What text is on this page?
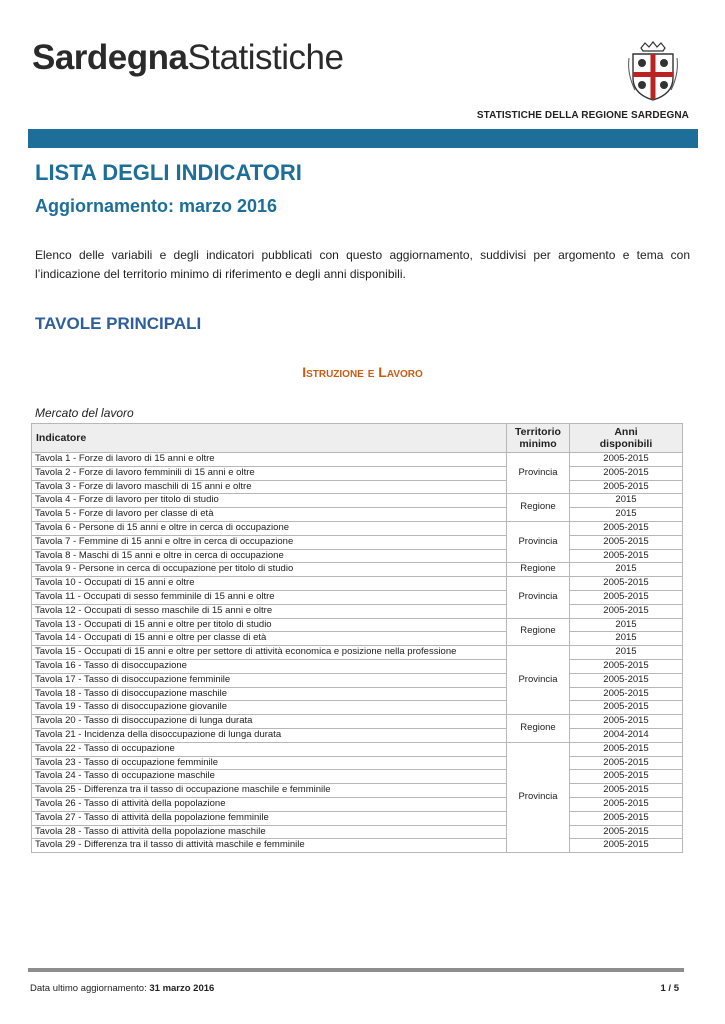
SardegnaStatistiche
STATISTICHE DELLA REGIONE SARDEGNA
LISTA DEGLI INDICATORI
Aggiornamento: marzo 2016

Elenco delle variabili e degli indicatori pubblicati con questo aggiornamento, suddivisi per argomento e tema con l’indicazione del territorio minimo di riferimento e degli anni disponibili.

TAVOLE PRINCIPALI
Istruzione e Lavoro
Mercato del lavoro
Indicatore	Territorio minimo	Anni disponibili
Tavola 1 - Forze di lavoro di 15 anni e oltre	Provincia	2005-2015
Tavola 2 - Forze di lavoro femminili di 15 anni e oltre		2005-2015
Tavola 3 - Forze di lavoro maschili di 15 anni e oltre		2005-2015
Tavola 4 - Forze di lavoro per titolo di studio	Regione	2015
Tavola 5 - Forze di lavoro per classe di età		2015
Tavola 6 - Persone di 15 anni e oltre in cerca di occupazione	Provincia	2005-2015
Tavola 7 - Femmine di 15 anni e oltre in cerca di occupazione		2005-2015
Tavola 8 - Maschi di 15 anni e oltre in cerca di occupazione		2005-2015
Tavola 9 - Persone in cerca di occupazione per titolo di studio	Regione	2015
Tavola 10 - Occupati di 15 anni e oltre	Provincia	2005-2015
Tavola 11 - Occupati di sesso femminile di 15 anni e oltre		2005-2015
Tavola 12 - Occupati di sesso maschile di 15 anni e oltre		2005-2015
Tavola 13 - Occupati di 15 anni e oltre per titolo di studio	Regione	2015
Tavola 14 - Occupati di 15 anni e oltre per classe di età		2015
Tavola 15 - Occupati di 15 anni e oltre per settore di attività economica e posizione nella professione	Provincia	2015
Tavola 16 - Tasso di disoccupazione		2005-2015
Tavola 17 - Tasso di disoccupazione femminile		2005-2015
Tavola 18 - Tasso di disoccupazione maschile		2005-2015
Tavola 19 - Tasso di disoccupazione giovanile		2005-2015
Tavola 20 - Tasso di disoccupazione di lunga durata	Regione	2005-2015
Tavola 21 - Incidenza della disoccupazione di lunga durata		2004-2014
Tavola 22 - Tasso di occupazione	Provincia	2005-2015
Tavola 23 - Tasso di occupazione femminile		2005-2015
Tavola 24 - Tasso di occupazione maschile		2005-2015
Tavola 25 - Differenza tra il tasso di occupazione maschile e femminile		2005-2015
Tavola 26 - Tasso di attività della popolazione		2005-2015
Tavola 27 - Tasso di attività della popolazione femminile		2005-2015
Tavola 28 - Tasso di attività della popolazione maschile		2005-2015
Tavola 29 - Differenza tra il tasso di attività maschile e femminile		2005-2015
Data ultimo aggiornamento: 31 marzo 2016	1 / 5
